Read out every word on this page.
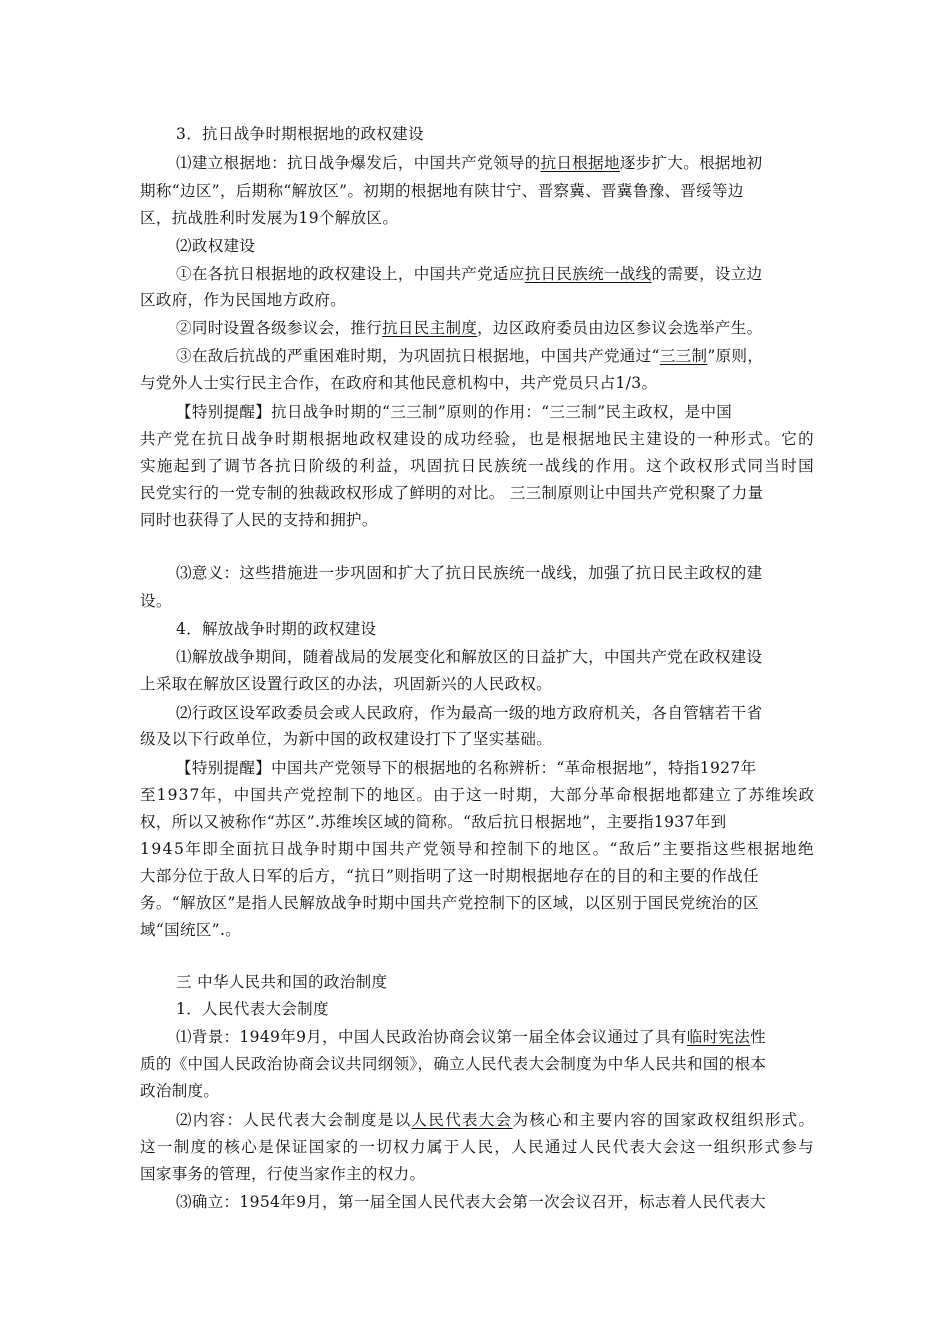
3．抗日战争时期根据地的政权建设
⑴建立根据地：抗日战争爆发后，中国共产党领导的抗日根据地逐步扩大。根据地初
期称“边区”，后期称“解放区”。初期的根据地有陕甘宁、晋察冀、晋冀鲁豫、晋绥等边
区，抗战胜利时发展为19个解放区。
⑵政权建设
①在各抗日根据地的政权建设上，中国共产党适应抗日民族统一战线的需要，设立边
区政府，作为民国地方政府。
②同时设置各级参议会，推行抗日民主制度，边区政府委员由边区参议会选举产生。
③在敌后抗战的严重困难时期，为巩固抗日根据地，中国共产党通过“三三制”原则，
与党外人士实行民主合作，在政府和其他民意机构中，共产党员只占1/3。
【特别提醒】抗日战争时期的“三三制”原则的作用：“三三制”民主政权，是中国
共产党在抗日战争时期根据地政权建设的成功经验，也是根据地民主建设的一种形式。它的
实施起到了调节各抗日阶级的利益，巩固抗日民族统一战线的作用。这个政权形式同当时国
民党实行的一党专制的独裁政权形成了鲜明的对比。 三三制原则让中国共产党积聚了力量
同时也获得了人民的支持和拥护。
⑶意义：这些措施进一步巩固和扩大了抗日民族统一战线，加强了抗日民主政权的建
设。
4．解放战争时期的政权建设
⑴解放战争期间，随着战局的发展变化和解放区的日益扩大，中国共产党在政权建设
上采取在解放区设置行政区的办法，巩固新兴的人民政权。
⑵行政区设军政委员会或人民政府，作为最高一级的地方政府机关，各自管辖若干省
级及以下行政单位，为新中国的政权建设打下了坚实基础。
【特别提醒】中国共产党领导下的根据地的名称辨析：“革命根据地”，特指1927年
至1937年，中国共产党控制下的地区。由于这一时期，大部分革命根据地都建立了苏维埃政
权，所以又被称作“苏区”.苏维埃区域的简称。“敌后抗日根据地”，主要指1937年到
1945年即全面抗日战争时期中国共产党领导和控制下的地区。“敌后”主要指这些根据地绝
大部分位于敌人日军的后方，“抗日”则指明了这一时期根据地存在的目的和主要的作战任
务。“解放区”是指人民解放战争时期中国共产党控制下的区域，以区别于国民党统治的区
域“国统区”.。
三 中华人民共和国的政治制度
1．人民代表大会制度
⑴背景：1949年9月，中国人民政治协商会议第一届全体会议通过了具有临时宪法性
质的《中国人民政治协商会议共同纲领》，确立人民代表大会制度为中华人民共和国的根本
政治制度。
⑵内容：人民代表大会制度是以人民代表大会为核心和主要内容的国家政权组织形式。
这一制度的核心是保证国家的一切权力属于人民，人民通过人民代表大会这一组织形式参与
国家事务的管理，行使当家作主的权力。
⑶确立：1954年9月，第一届全国人民代表大会第一次会议召开，标志着人民代表大
